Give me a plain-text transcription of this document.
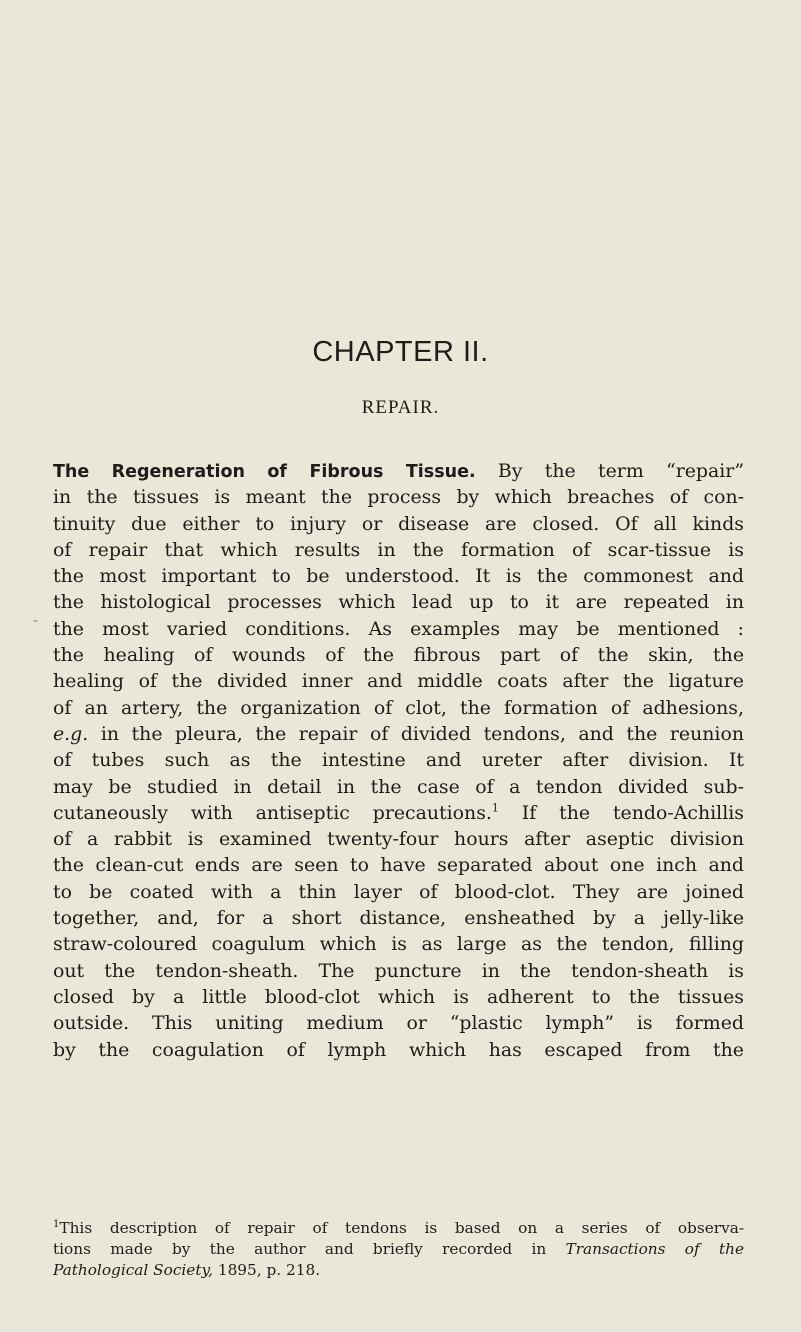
CHAPTER II.
REPAIR.
-
The Regeneration of Fibrous Tissue. By the term “repair”
in the tissues is meant the process by which breaches of con-
tinuity due either to injury or disease are closed. Of all kinds
of repair that which results in the formation of scar-tissue is
the most important to be understood. It is the commonest and
the histological processes which lead up to it are repeated in
the most varied conditions. As examples may be mentioned :
the healing of wounds of the fibrous part of the skin, the
healing of the divided inner and middle coats after the ligature
of an artery, the organization of clot, the formation of adhesions,
e.g. in the pleura, the repair of divided tendons, and the reunion
of tubes such as the intestine and ureter after division. It
may be studied in detail in the case of a tendon divided sub-
cutaneously with antiseptic precautions.$^1$ If the tendo-Achillis
of a rabbit is examined twenty-four hours after aseptic division
the clean-cut ends are seen to have separated about one inch and
to be coated with a thin layer of blood-clot. They are joined
together, and, for a short distance, ensheathed by a jelly-like
straw-coloured coagulum which is as large as the tendon, filling
out the tendon-sheath. The puncture in the tendon-sheath is
closed by a little blood-clot which is adherent to the tissues
outside. This uniting medium or “plastic lymph” is formed
by the coagulation of lymph which has escaped from the
$^1$This description of repair of tendons is based on a series of observa-
tions made by the author and briefly recorded in Transactions of the
Pathological Society, 1895, p. 218.
